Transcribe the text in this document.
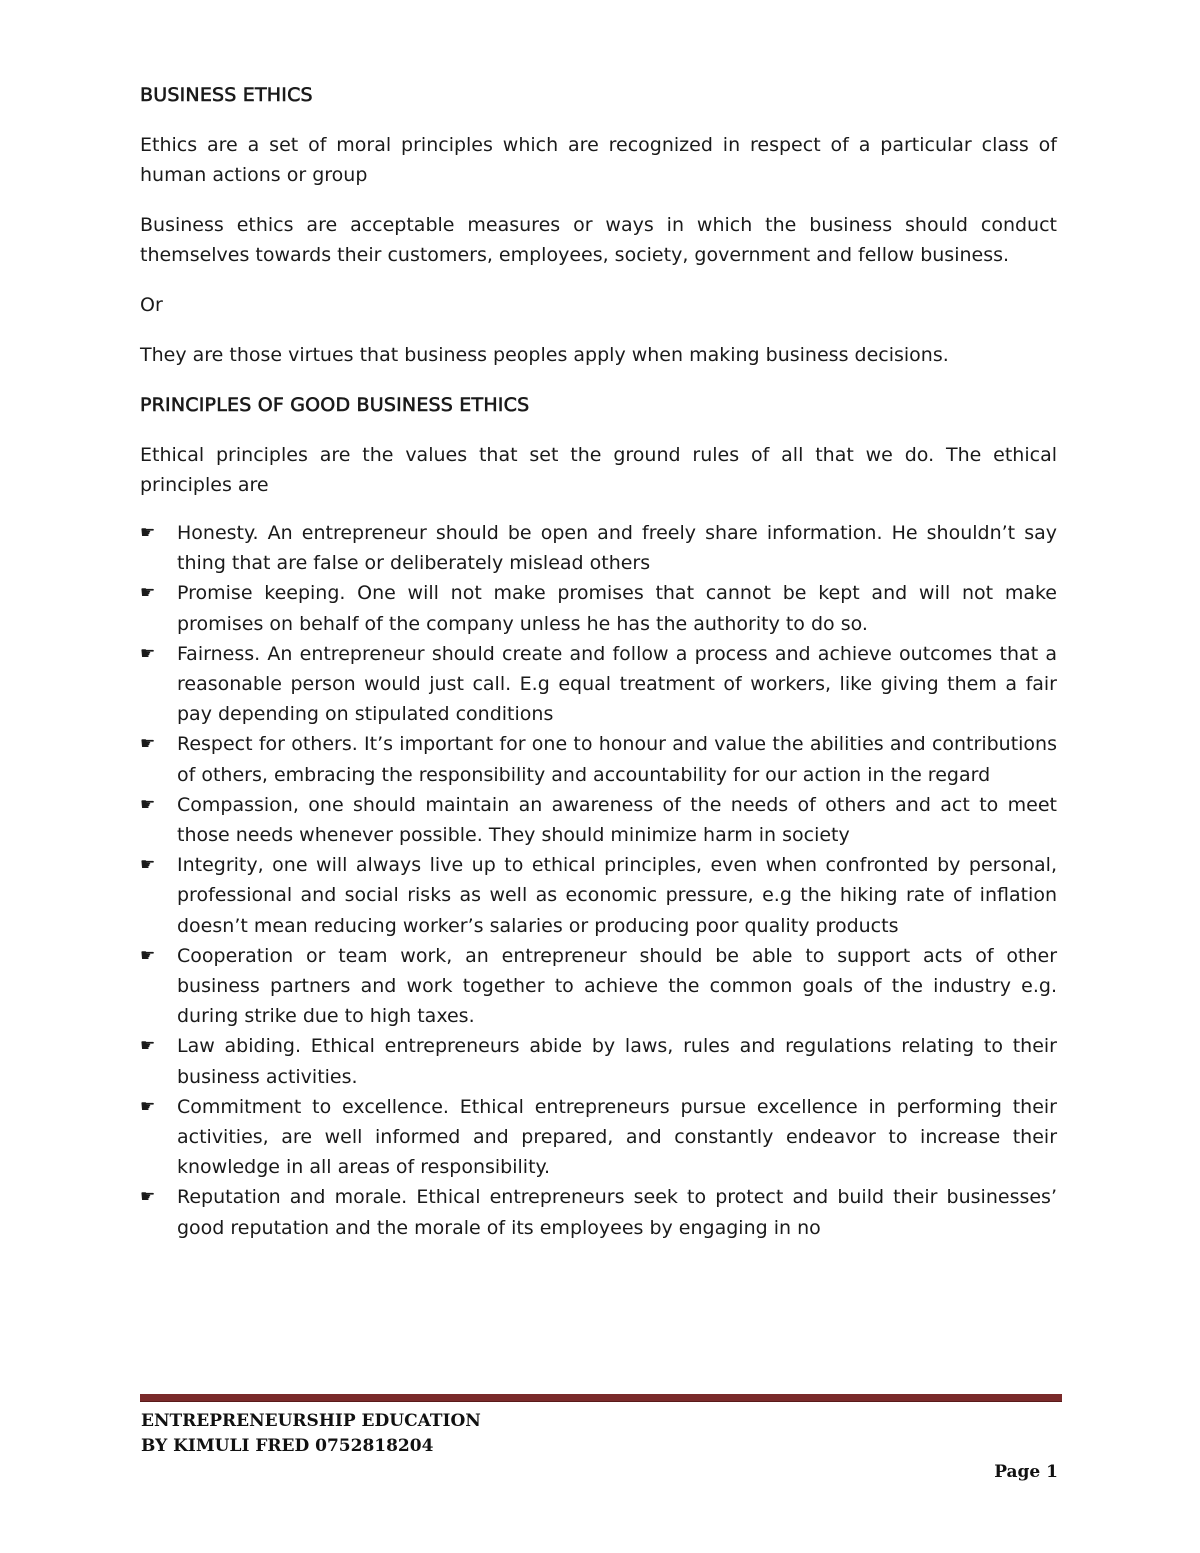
BUSINESS ETHICS
Ethics are a set of moral principles which are recognized in respect of a particular class of human actions or group
Business ethics are acceptable measures or ways in which the business should conduct themselves towards their customers, employees, society, government and fellow business.
Or
They are those virtues that business peoples apply when making business decisions.
PRINCIPLES OF GOOD BUSINESS ETHICS
Ethical principles are the values that set the ground rules of all that we do. The ethical principles are
☛ Honesty. An entrepreneur should be open and freely share information. He shouldn’t say thing that are false or deliberately mislead others
☛ Promise keeping. One will not make promises that cannot be kept and will not make promises on behalf of the company unless he has the authority to do so.
☛ Fairness. An entrepreneur should create and follow a process and achieve outcomes that a reasonable person would just call. E.g equal treatment of workers, like giving them a fair pay depending on stipulated conditions
☛ Respect for others. It’s important for one to honour and value the abilities and contributions of others, embracing the responsibility and accountability for our action in the regard
☛ Compassion, one should maintain an awareness of the needs of others and act to meet those needs whenever possible. They should minimize harm in society
☛ Integrity, one will always live up to ethical principles, even when confronted by personal, professional and social risks as well as economic pressure, e.g the hiking rate of inflation doesn’t mean reducing worker’s salaries or producing poor quality products
☛ Cooperation or team work, an entrepreneur should be able to support acts of other business partners and work together to achieve the common goals of the industry e.g. during strike due to high taxes.
☛ Law abiding. Ethical entrepreneurs abide by laws, rules and regulations relating to their business activities.
☛ Commitment to excellence. Ethical entrepreneurs pursue excellence in performing their activities, are well informed and prepared, and constantly endeavor to increase their knowledge in all areas of responsibility.
☛ Reputation and morale. Ethical entrepreneurs seek to protect and build their businesses’ good reputation and the morale of its employees by engaging in no
ENTREPRENEURSHIP EDUCATION
BY KIMULI FRED 0752818204
Page 1
